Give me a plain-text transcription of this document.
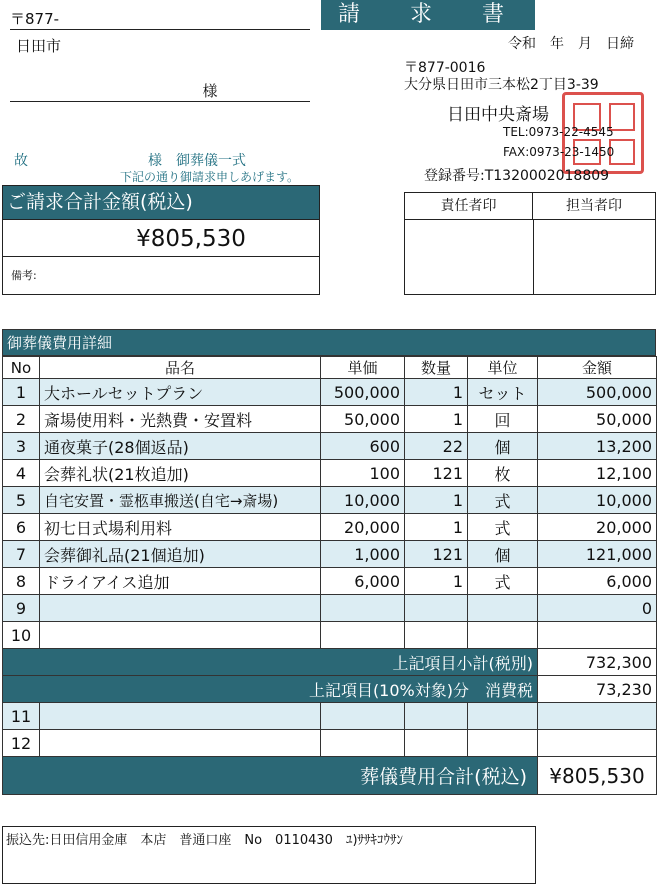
請　求　書
〒877-
日田市
様
令和　年　月　日締
〒877-0016
大分県日田市三本松2丁目3-39
日田中央斎場
TEL:0973-22-4545
FAX:0973-23-1450
登録番号:T1320002018809
故	様　御葬儀一式
下記の通り御請求申しあげます。
ご請求合計金額(税込)
¥805,530
備考:
責任者印	担当者印
御葬儀費用詳細
No	品名	単価	数量	単位	金額
1	大ホールセットプラン	500,000	1	セット	500,000
2	斎場使用料・光熱費・安置料	50,000	1	回	50,000
3	通夜菓子(28個返品)	600	22	個	13,200
4	会葬礼状(21枚追加)	100	121	枚	12,100
5	自宅安置・霊柩車搬送(自宅→斎場)	10,000	1	式	10,000
6	初七日式場利用料	20,000	1	式	20,000
7	会葬御礼品(21個追加)	1,000	121	個	121,000
8	ドライアイス追加	6,000	1	式	6,000
9					0
10					
上記項目小計(税別)					732,300
上記項目(10%対象)分　消費税					73,230
11					
12					
葬儀費用合計(税込)					¥805,530
振込先:日田信用金庫　本店　普通口座　No　0110430　ﾕ)ｻｻｷｺｳｻﾝ
